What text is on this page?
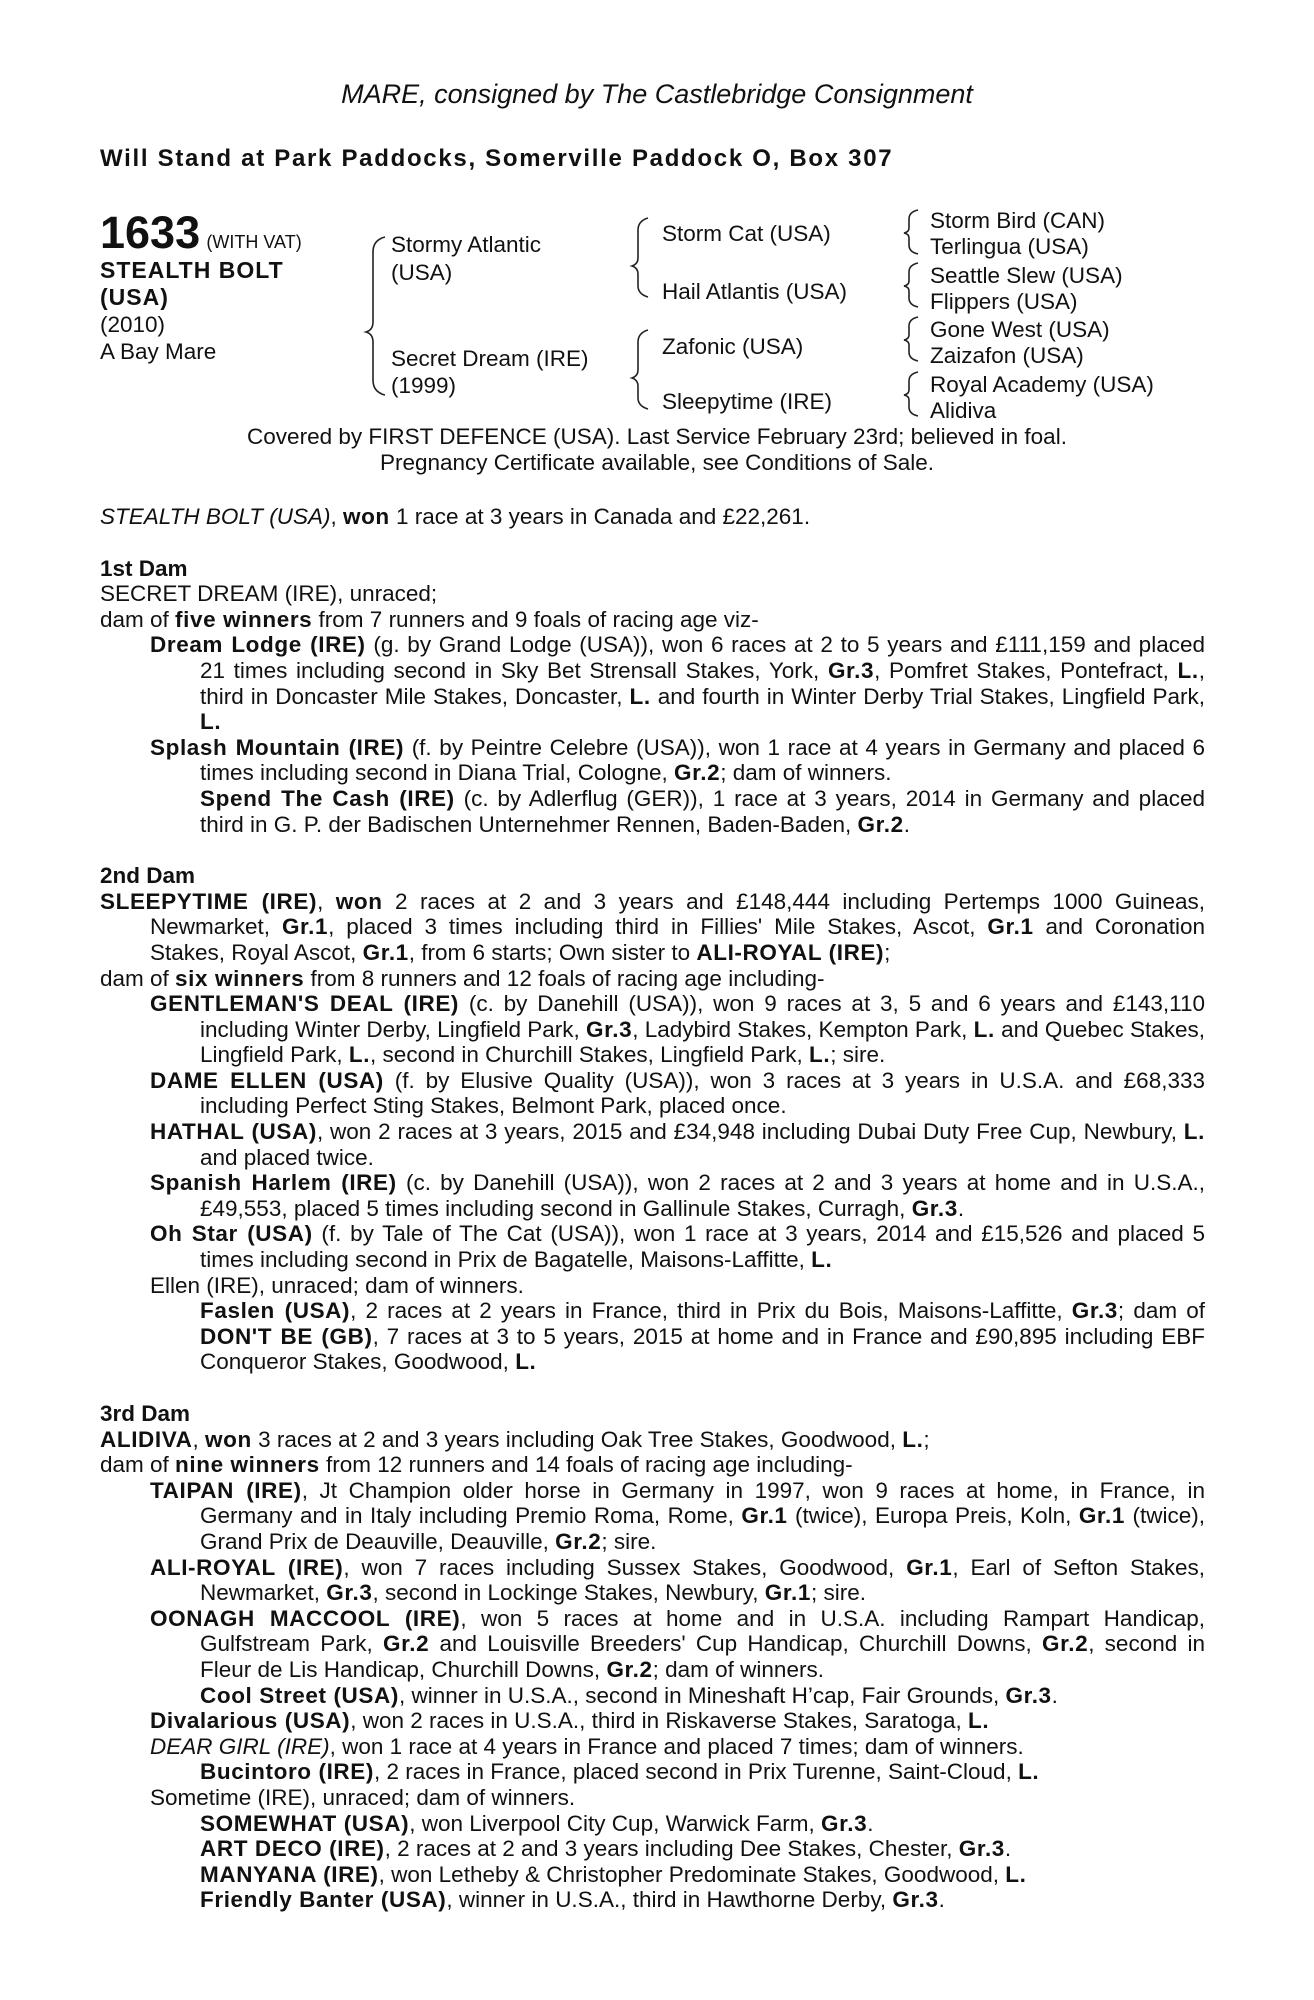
MARE, consigned by The Castlebridge Consignment
Will Stand at Park Paddocks, Somerville Paddock O, Box 307
1633 (WITH VAT)
STEALTH BOLT
(USA)
(2010)
A Bay Mare
Stormy Atlantic
(USA)
Secret Dream (IRE)
(1999)
Storm Cat (USA)
Hail Atlantis (USA)
Zafonic (USA)
Sleepytime (IRE)
Storm Bird (CAN)
Terlingua (USA)
Seattle Slew (USA)
Flippers (USA)
Gone West (USA)
Zaizafon (USA)
Royal Academy (USA)
Alidiva
Covered by FIRST DEFENCE (USA). Last Service February 23rd; believed in foal.
Pregnancy Certificate available, see Conditions of Sale.

STEALTH BOLT (USA), won 1 race at 3 years in Canada and £22,261.

1st Dam

SECRET DREAM (IRE), unraced;

dam of five winners from 7 runners and 9 foals of racing age viz-

Dream Lodge (IRE) (g. by Grand Lodge (USA)), won 6 races at 2 to 5 years and £111,159 and placed 21 times including second in Sky Bet Strensall Stakes, York, Gr.3, Pomfret Stakes, Pontefract, L., third in Doncaster Mile Stakes, Doncaster, L. and fourth in Winter Derby Trial Stakes, Lingfield Park, L.

Splash Mountain (IRE) (f. by Peintre Celebre (USA)), won 1 race at 4 years in Germany and placed 6 times including second in Diana Trial, Cologne, Gr.2; dam of winners.

Spend The Cash (IRE) (c. by Adlerflug (GER)), 1 race at 3 years, 2014 in Germany and placed third in G. P. der Badischen Unternehmer Rennen, Baden-Baden, Gr.2.

2nd Dam

SLEEPYTIME (IRE), won 2 races at 2 and 3 years and £148,444 including Pertemps 1000 Guineas, Newmarket, Gr.1, placed 3 times including third in Fillies' Mile Stakes, Ascot, Gr.1 and Coronation Stakes, Royal Ascot, Gr.1, from 6 starts; Own sister to ALI-ROYAL (IRE);

dam of six winners from 8 runners and 12 foals of racing age including-

GENTLEMAN'S DEAL (IRE) (c. by Danehill (USA)), won 9 races at 3, 5 and 6 years and £143,110 including Winter Derby, Lingfield Park, Gr.3, Ladybird Stakes, Kempton Park, L. and Quebec Stakes, Lingfield Park, L., second in Churchill Stakes, Lingfield Park, L.; sire.

DAME ELLEN (USA) (f. by Elusive Quality (USA)), won 3 races at 3 years in U.S.A. and £68,333 including Perfect Sting Stakes, Belmont Park, placed once.

HATHAL (USA), won 2 races at 3 years, 2015 and £34,948 including Dubai Duty Free Cup, Newbury, L. and placed twice.

Spanish Harlem (IRE) (c. by Danehill (USA)), won 2 races at 2 and 3 years at home and in U.S.A., £49,553, placed 5 times including second in Gallinule Stakes, Curragh, Gr.3.

Oh Star (USA) (f. by Tale of The Cat (USA)), won 1 race at 3 years, 2014 and £15,526 and placed 5 times including second in Prix de Bagatelle, Maisons-Laffitte, L.

Ellen (IRE), unraced; dam of winners.

Faslen (USA), 2 races at 2 years in France, third in Prix du Bois, Maisons-Laffitte, Gr.3; dam of DON'T BE (GB), 7 races at 3 to 5 years, 2015 at home and in France and £90,895 including EBF Conqueror Stakes, Goodwood, L.

3rd Dam

ALIDIVA, won 3 races at 2 and 3 years including Oak Tree Stakes, Goodwood, L.;

dam of nine winners from 12 runners and 14 foals of racing age including-

TAIPAN (IRE), Jt Champion older horse in Germany in 1997, won 9 races at home, in France, in Germany and in Italy including Premio Roma, Rome, Gr.1 (twice), Europa Preis, Koln, Gr.1 (twice), Grand Prix de Deauville, Deauville, Gr.2; sire.

ALI-ROYAL (IRE), won 7 races including Sussex Stakes, Goodwood, Gr.1, Earl of Sefton Stakes, Newmarket, Gr.3, second in Lockinge Stakes, Newbury, Gr.1; sire.

OONAGH MACCOOL (IRE), won 5 races at home and in U.S.A. including Rampart Handicap, Gulfstream Park, Gr.2 and Louisville Breeders' Cup Handicap, Churchill Downs, Gr.2, second in Fleur de Lis Handicap, Churchill Downs, Gr.2; dam of winners.

Cool Street (USA), winner in U.S.A., second in Mineshaft H’cap, Fair Grounds, Gr.3.

Divalarious (USA), won 2 races in U.S.A., third in Riskaverse Stakes, Saratoga, L.

DEAR GIRL (IRE), won 1 race at 4 years in France and placed 7 times; dam of winners.

Bucintoro (IRE), 2 races in France, placed second in Prix Turenne, Saint-Cloud, L.

Sometime (IRE), unraced; dam of winners.

SOMEWHAT (USA), won Liverpool City Cup, Warwick Farm, Gr.3.

ART DECO (IRE), 2 races at 2 and 3 years including Dee Stakes, Chester, Gr.3.

MANYANA (IRE), won Letheby & Christopher Predominate Stakes, Goodwood, L.

Friendly Banter (USA), winner in U.S.A., third in Hawthorne Derby, Gr.3.
